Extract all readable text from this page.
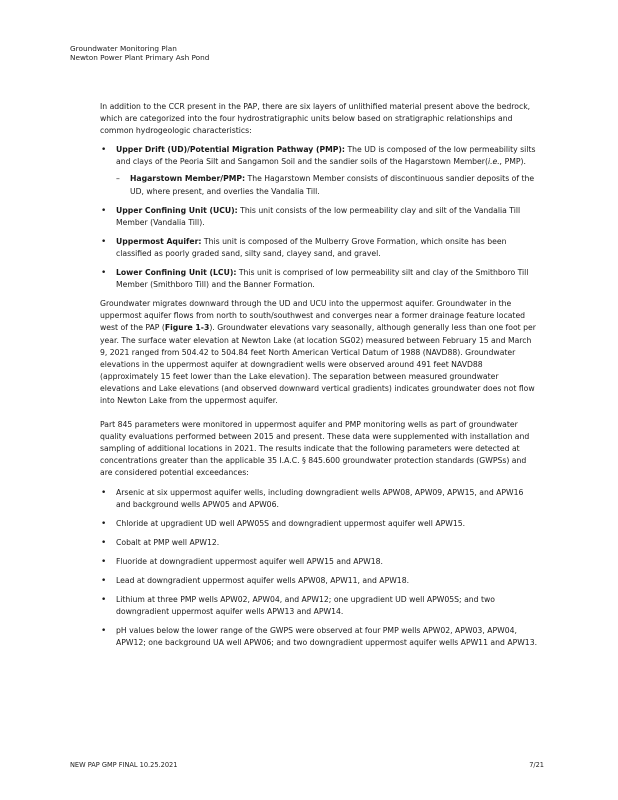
Groundwater Monitoring Plan
Newton Power Plant Primary Ash Pond

In addition to the CCR present in the PAP, there are six layers of unlithified material present above the bedrock, which are categorized into the four hydrostratigraphic units below based on stratigraphic relationships and common hydrogeologic characteristics:

• Upper Drift (UD)/Potential Migration Pathway (PMP): The UD is composed of the low permeability silts and clays of the Peoria Silt and Sangamon Soil and the sandier soils of the Hagarstown Member(i.e., PMP).
– Hagarstown Member/PMP: The Hagarstown Member consists of discontinuous sandier deposits of the UD, where present, and overlies the Vandalia Till.
• Upper Confining Unit (UCU): This unit consists of the low permeability clay and silt of the Vandalia Till Member (Vandalia Till).
• Uppermost Aquifer: This unit is composed of the Mulberry Grove Formation, which onsite has been classified as poorly graded sand, silty sand, clayey sand, and gravel.
• Lower Confining Unit (LCU): This unit is comprised of low permeability silt and clay of the Smithboro Till Member (Smithboro Till) and the Banner Formation.

Groundwater migrates downward through the UD and UCU into the uppermost aquifer. Groundwater in the uppermost aquifer flows from north to south/southwest and converges near a former drainage feature located west of the PAP (Figure 1-3). Groundwater elevations vary seasonally, although generally less than one foot per year. The surface water elevation at Newton Lake (at location SG02) measured between February 15 and March 9, 2021 ranged from 504.42 to 504.84 feet North American Vertical Datum of 1988 (NAVD88). Groundwater elevations in the uppermost aquifer at downgradient wells were observed around 491 feet NAVD88 (approximately 15 feet lower than the Lake elevation). The separation between measured groundwater elevations and Lake elevations (and observed downward vertical gradients) indicates groundwater does not flow into Newton Lake from the uppermost aquifer.

Part 845 parameters were monitored in uppermost aquifer and PMP monitoring wells as part of groundwater quality evaluations performed between 2015 and present. These data were supplemented with installation and sampling of additional locations in 2021. The results indicate that the following parameters were detected at concentrations greater than the applicable 35 I.A.C. § 845.600 groundwater protection standards (GWPSs) and are considered potential exceedances:

• Arsenic at six uppermost aquifer wells, including downgradient wells APW08, APW09, APW15, and APW16 and background wells APW05 and APW06.
• Chloride at upgradient UD well APW05S and downgradient uppermost aquifer well APW15.
• Cobalt at PMP well APW12.
• Fluoride at downgradient uppermost aquifer well APW15 and APW18.
• Lead at downgradient uppermost aquifer wells APW08, APW11, and APW18.
• Lithium at three PMP wells APW02, APW04, and APW12; one upgradient UD well APW05S; and two downgradient uppermost aquifer wells APW13 and APW14.
• pH values below the lower range of the GWPS were observed at four PMP wells APW02, APW03, APW04, APW12; one background UA well APW06; and two downgradient uppermost aquifer wells APW11 and APW13.
NEW PAP GMP FINAL 10.25.2021	7/21
